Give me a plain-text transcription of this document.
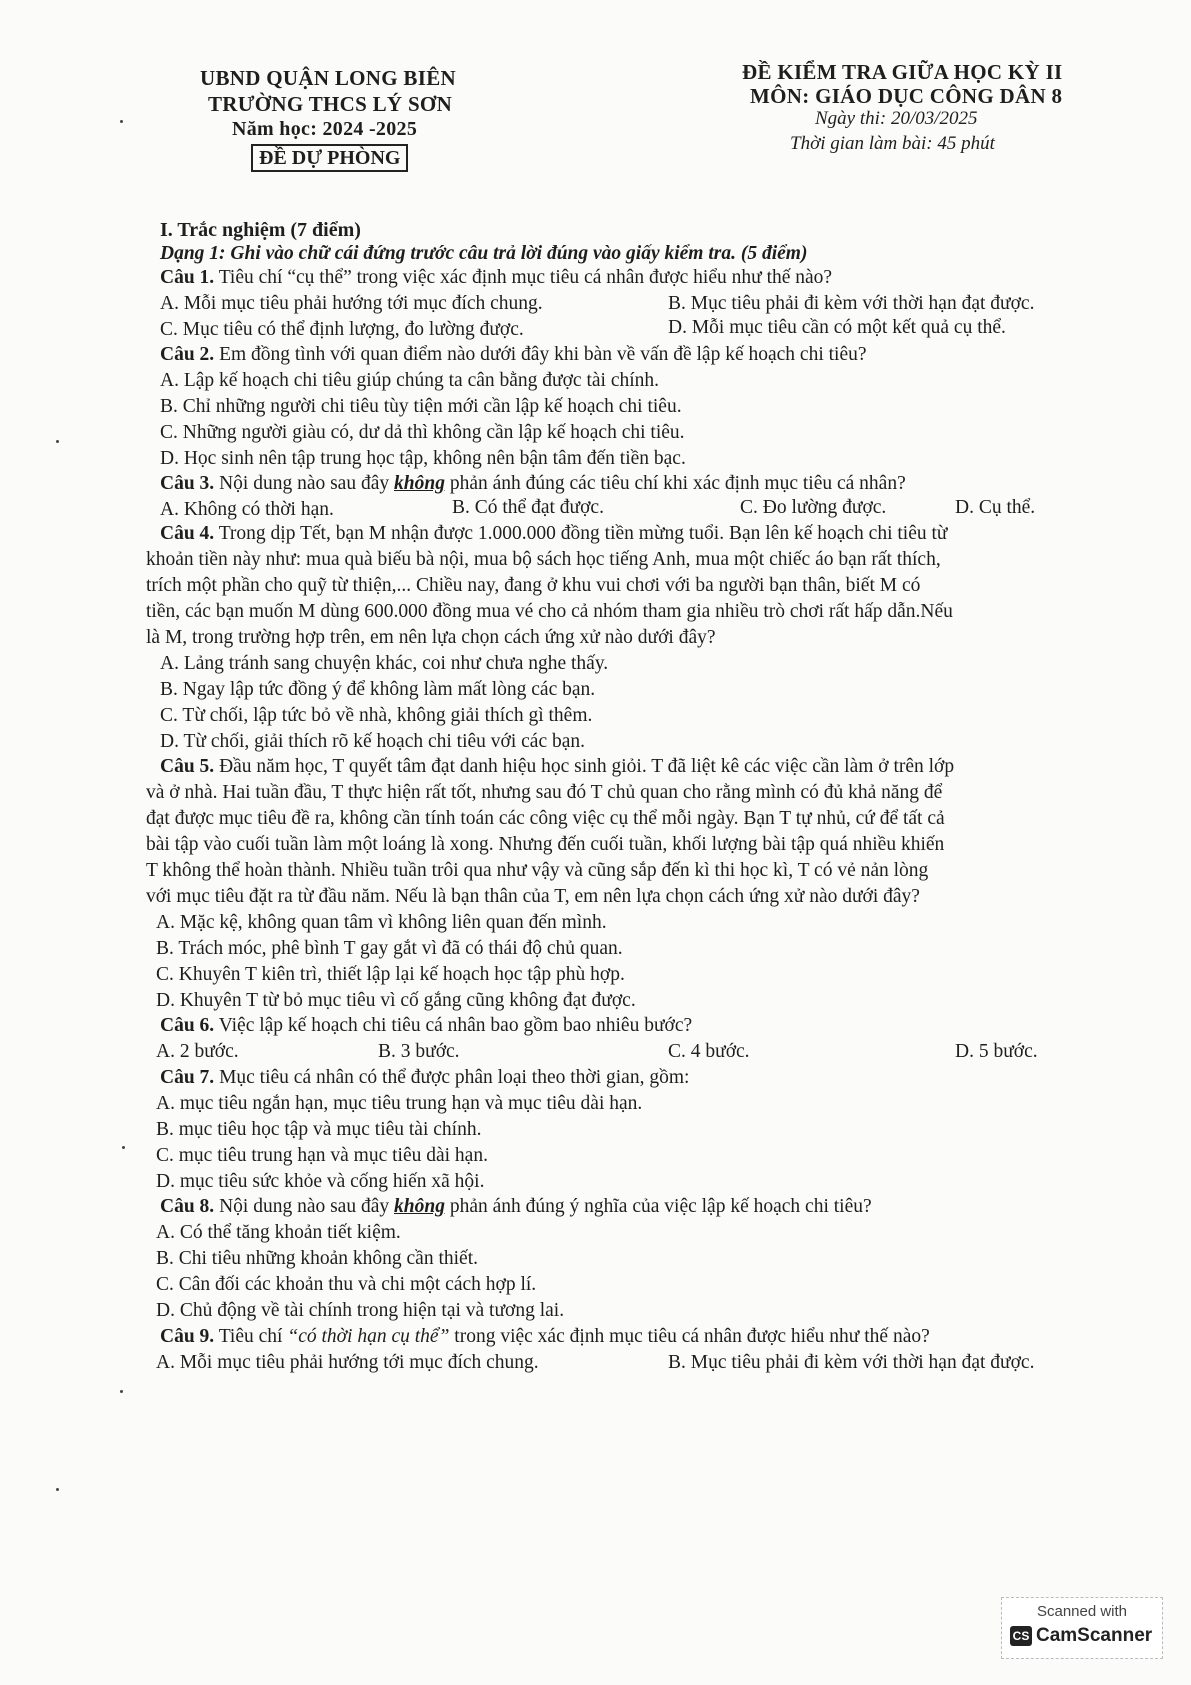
UBND QUẬN LONG BIÊN
TRƯỜNG THCS LÝ SƠN
Năm học: 2024 -2025
ĐỀ DỰ PHÒNG
ĐỀ KIỂM TRA GIỮA HỌC KỲ II
MÔN: GIÁO DỤC CÔNG DÂN 8
Ngày thi: 20/03/2025
Thời gian làm bài: 45 phút
I. Trắc nghiệm (7 điểm)
Dạng 1: Ghi vào chữ cái đứng trước câu trả lời đúng vào giấy kiểm tra. (5 điểm)
Câu 1. Tiêu chí “cụ thể” trong việc xác định mục tiêu cá nhân được hiểu như thế nào?
A. Mỗi mục tiêu phải hướng tới mục đích chung.	B. Mục tiêu phải đi kèm với thời hạn đạt được.
C. Mục tiêu có thể định lượng, đo lường được.	D. Mỗi mục tiêu cần có một kết quả cụ thể.
Câu 2. Em đồng tình với quan điểm nào dưới đây khi bàn về vấn đề lập kế hoạch chi tiêu?
A. Lập kế hoạch chi tiêu giúp chúng ta cân bằng được tài chính.
B. Chỉ những người chi tiêu tùy tiện mới cần lập kế hoạch chi tiêu.
C. Những người giàu có, dư dả thì không cần lập kế hoạch chi tiêu.
D. Học sinh nên tập trung học tập, không nên bận tâm đến tiền bạc.
Câu 3. Nội dung nào sau đây không phản ánh đúng các tiêu chí khi xác định mục tiêu cá nhân?
A. Không có thời hạn.	B. Có thể đạt được.	C. Đo lường được.	D. Cụ thể.
Câu 4. Trong dịp Tết, bạn M nhận được 1.000.000 đồng tiền mừng tuổi. Bạn lên kế hoạch chi tiêu từ
khoản tiền này như: mua quà biếu bà nội, mua bộ sách học tiếng Anh, mua một chiếc áo bạn rất thích,
trích một phần cho quỹ từ thiện,... Chiều nay, đang ở khu vui chơi với ba người bạn thân, biết M có
tiền, các bạn muốn M dùng 600.000 đồng mua vé cho cả nhóm tham gia nhiều trò chơi rất hấp dẫn.Nếu
là M, trong trường hợp trên, em nên lựa chọn cách ứng xử nào dưới đây?
A. Lảng tránh sang chuyện khác, coi như chưa nghe thấy.
B. Ngay lập tức đồng ý để không làm mất lòng các bạn.
C. Từ chối, lập tức bỏ về nhà, không giải thích gì thêm.
D. Từ chối, giải thích rõ kế hoạch chi tiêu với các bạn.
Câu 5. Đầu năm học, T quyết tâm đạt danh hiệu học sinh giỏi. T đã liệt kê các việc cần làm ở trên lớp
và ở nhà. Hai tuần đầu, T thực hiện rất tốt, nhưng sau đó T chủ quan cho rằng mình có đủ khả năng để
đạt được mục tiêu đề ra, không cần tính toán các công việc cụ thể mỗi ngày. Bạn T tự nhủ, cứ để tất cả
bài tập vào cuối tuần làm một loáng là xong. Nhưng đến cuối tuần, khối lượng bài tập quá nhiều khiến
T không thể hoàn thành. Nhiều tuần trôi qua như vậy và cũng sắp đến kì thi học kì, T có vẻ nản lòng
với mục tiêu đặt ra từ đầu năm. Nếu là bạn thân của T, em nên lựa chọn cách ứng xử nào dưới đây?
A. Mặc kệ, không quan tâm vì không liên quan đến mình.
B. Trách móc, phê bình T gay gắt vì đã có thái độ chủ quan.
C. Khuyên T kiên trì, thiết lập lại kế hoạch học tập phù hợp.
D. Khuyên T từ bỏ mục tiêu vì cố gắng cũng không đạt được.
Câu 6. Việc lập kế hoạch chi tiêu cá nhân bao gồm bao nhiêu bước?
A. 2 bước.	B. 3 bước.	C. 4 bước.	D. 5 bước.
Câu 7. Mục tiêu cá nhân có thể được phân loại theo thời gian, gồm:
A. mục tiêu ngắn hạn, mục tiêu trung hạn và mục tiêu dài hạn.
B. mục tiêu học tập và mục tiêu tài chính.
C. mục tiêu trung hạn và mục tiêu dài hạn.
D. mục tiêu sức khỏe và cống hiến xã hội.
Câu 8. Nội dung nào sau đây không phản ánh đúng ý nghĩa của việc lập kế hoạch chi tiêu?
A. Có thể tăng khoản tiết kiệm.
B. Chi tiêu những khoản không cần thiết.
C. Cân đối các khoản thu và chi một cách hợp lí.
D. Chủ động về tài chính trong hiện tại và tương lai.
Câu 9. Tiêu chí “có thời hạn cụ thể” trong việc xác định mục tiêu cá nhân được hiểu như thế nào?
A. Mỗi mục tiêu phải hướng tới mục đích chung.	B. Mục tiêu phải đi kèm với thời hạn đạt được.
Scanned with
CS CamScanner
